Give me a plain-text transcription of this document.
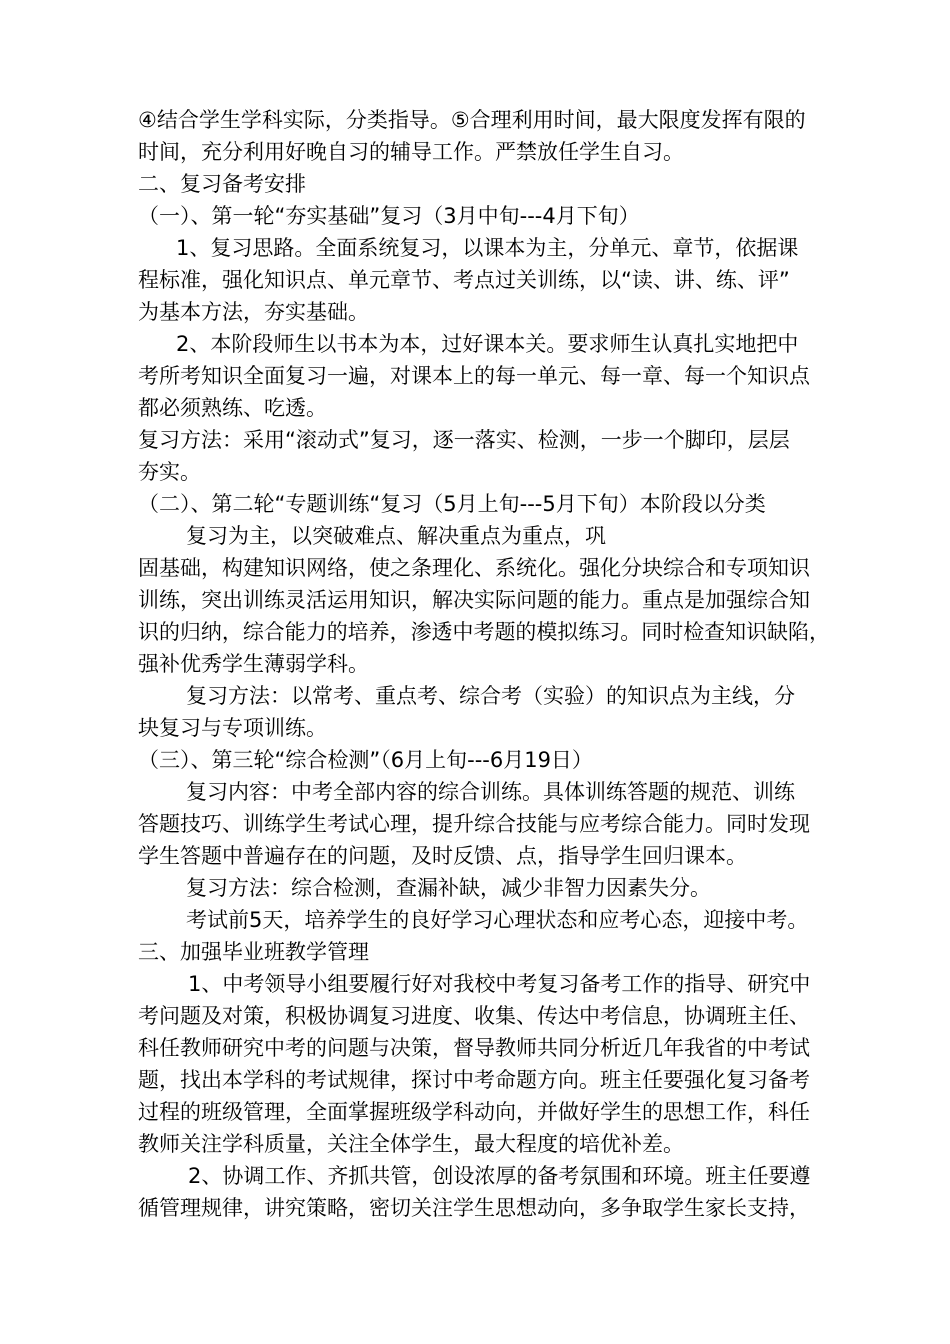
④结合学生学科实际，分类指导。⑤合理利用时间，最大限度发挥有限的
时间，充分利用好晚自习的辅导工作。严禁放任学生自习。
二、复习备考安排
（一）、第一轮“夯实基础”复习（3月中旬---4月下旬）
1、复习思路。全面系统复习，以课本为主，分单元、章节，依据课
程标准，强化知识点、单元章节、考点过关训练，以“读、讲、练、评”
为基本方法，夯实基础。
2、本阶段师生以书本为本，过好课本关。要求师生认真扎实地把中
考所考知识全面复习一遍，对课本上的每一单元、每一章、每一个知识点
都必须熟练、吃透。
复习方法：采用“滚动式”复习，逐一落实、检测，一步一个脚印，层层
夯实。
（二）、第二轮“专题训练“复习（5月上旬---5月下旬）本阶段以分类
复习为主，以突破难点、解决重点为重点，巩
固基础，构建知识网络，使之条理化、系统化。强化分块综合和专项知识
训练，突出训练灵活运用知识，解决实际问题的能力。重点是加强综合知
识的归纳，综合能力的培养，渗透中考题的模拟练习。同时检查知识缺陷，
强补优秀学生薄弱学科。
复习方法：以常考、重点考、综合考（实验）的知识点为主线，分
块复习与专项训练。
（三）、第三轮“综合检测”（6月上旬---6月19日）
复习内容：中考全部内容的综合训练。具体训练答题的规范、训练
答题技巧、训练学生考试心理，提升综合技能与应考综合能力。同时发现
学生答题中普遍存在的问题，及时反馈、点，指导学生回归课本。
复习方法：综合检测，查漏补缺，减少非智力因素失分。
考试前5天，培养学生的良好学习心理状态和应考心态，迎接中考。
三、加强毕业班教学管理
1、中考领导小组要履行好对我校中考复习备考工作的指导、研究中
考问题及对策，积极协调复习进度、收集、传达中考信息，协调班主任、
科任教师研究中考的问题与决策，督导教师共同分析近几年我省的中考试
题，找出本学科的考试规律，探讨中考命题方向。班主任要强化复习备考
过程的班级管理，全面掌握班级学科动向，并做好学生的思想工作，科任
教师关注学科质量，关注全体学生，最大程度的培优补差。
2、协调工作、齐抓共管，创设浓厚的备考氛围和环境。班主任要遵
循管理规律，讲究策略，密切关注学生思想动向，多争取学生家长支持，
